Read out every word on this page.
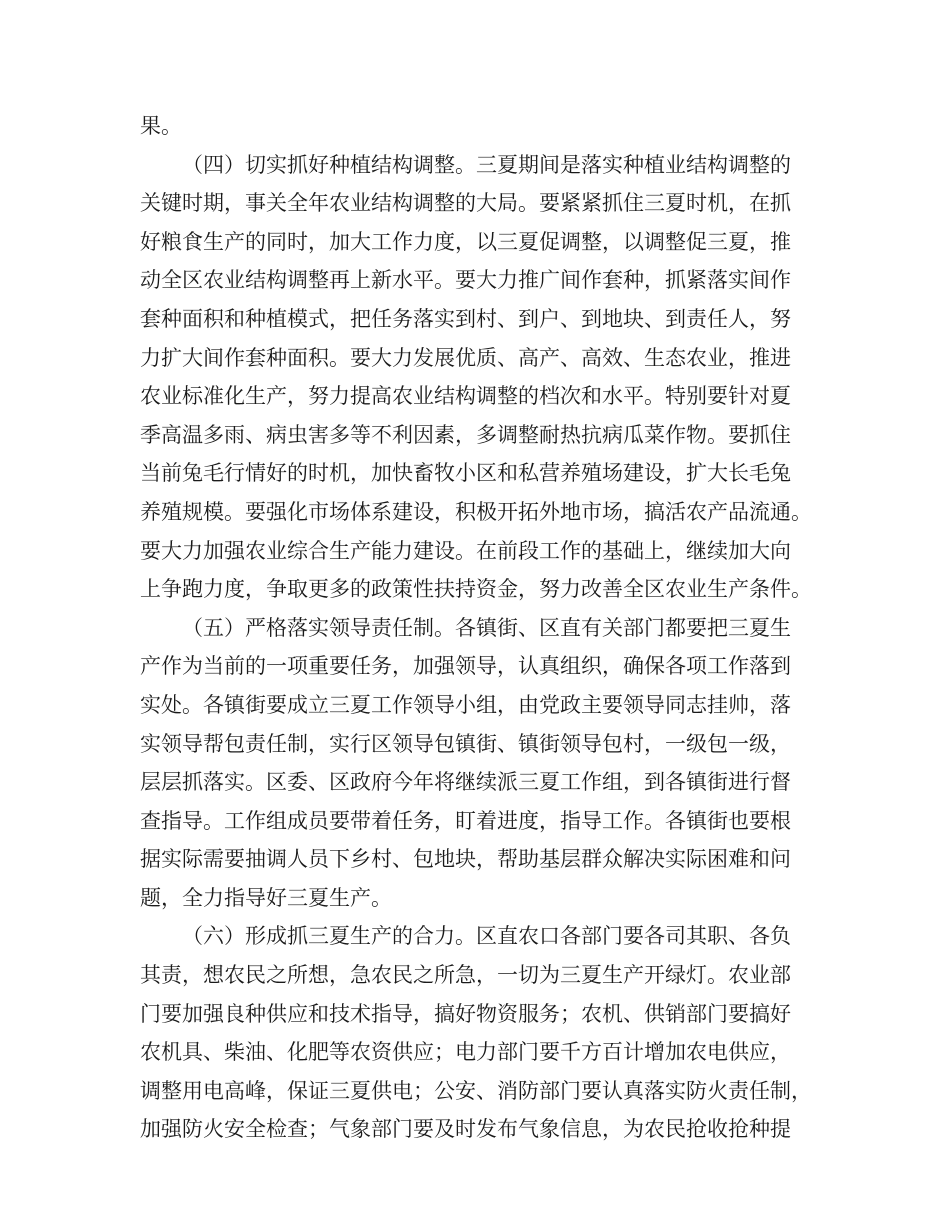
果。
（四）切实抓好种植结构调整。三夏期间是落实种植业结构调整的
关键时期，事关全年农业结构调整的大局。要紧紧抓住三夏时机，在抓
好粮食生产的同时，加大工作力度，以三夏促调整，以调整促三夏，推
动全区农业结构调整再上新水平。要大力推广间作套种，抓紧落实间作
套种面积和种植模式，把任务落实到村、到户、到地块、到责任人，努
力扩大间作套种面积。要大力发展优质、高产、高效、生态农业，推进
农业标准化生产，努力提高农业结构调整的档次和水平。特别要针对夏
季高温多雨、病虫害多等不利因素，多调整耐热抗病瓜菜作物。要抓住
当前兔毛行情好的时机，加快畜牧小区和私营养殖场建设，扩大长毛兔
养殖规模。要强化市场体系建设，积极开拓外地市场，搞活农产品流通。
要大力加强农业综合生产能力建设。在前段工作的基础上，继续加大向
上争跑力度，争取更多的政策性扶持资金，努力改善全区农业生产条件。
（五）严格落实领导责任制。各镇街、区直有关部门都要把三夏生
产作为当前的一项重要任务，加强领导，认真组织，确保各项工作落到
实处。各镇街要成立三夏工作领导小组，由党政主要领导同志挂帅，落
实领导帮包责任制，实行区领导包镇街、镇街领导包村，一级包一级，
层层抓落实。区委、区政府今年将继续派三夏工作组，到各镇街进行督
查指导。工作组成员要带着任务，盯着进度，指导工作。各镇街也要根
据实际需要抽调人员下乡村、包地块，帮助基层群众解决实际困难和问
题，全力指导好三夏生产。
（六）形成抓三夏生产的合力。区直农口各部门要各司其职、各负
其责，想农民之所想，急农民之所急，一切为三夏生产开绿灯。农业部
门要加强良种供应和技术指导，搞好物资服务；农机、供销部门要搞好
农机具、柴油、化肥等农资供应；电力部门要千方百计增加农电供应，
调整用电高峰，保证三夏供电；公安、消防部门要认真落实防火责任制，
加强防火安全检查；气象部门要及时发布气象信息，为农民抢收抢种提
